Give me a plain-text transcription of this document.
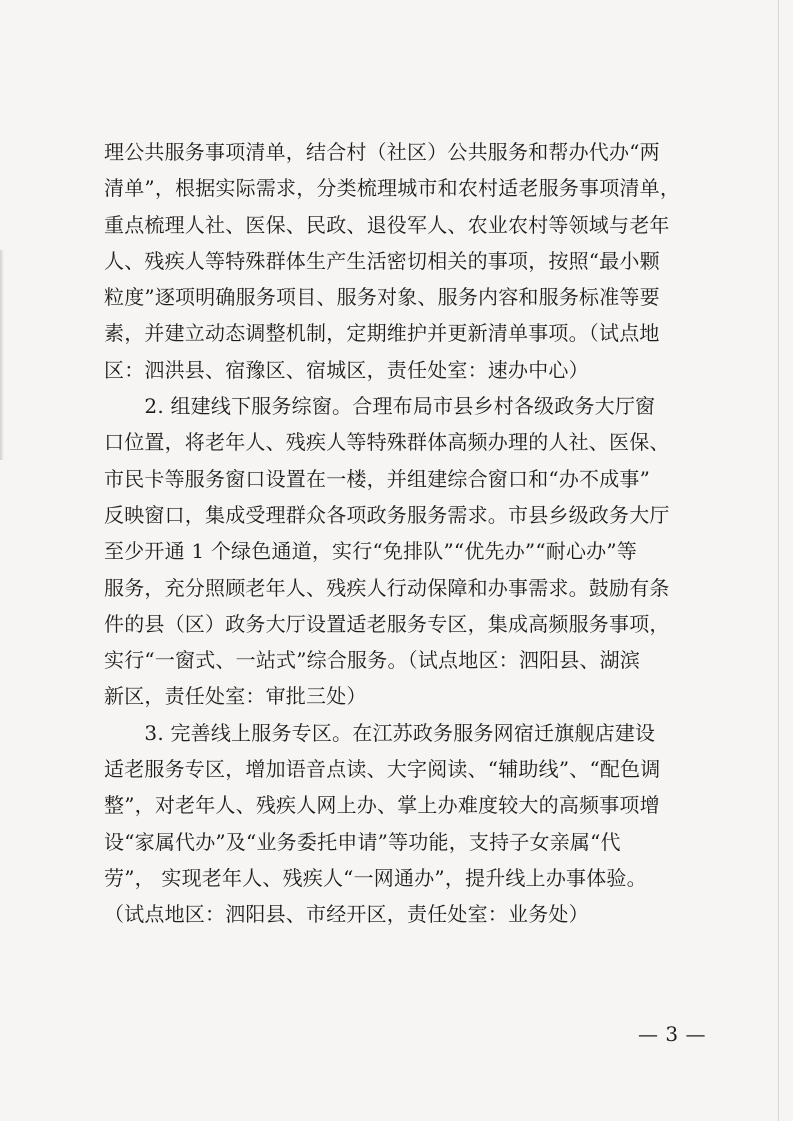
理公共服务事项清单，结合村（社区）公共服务和帮办代办“两
清单”，根据实际需求，分类梳理城市和农村适老服务事项清单，
重点梳理人社、医保、民政、退役军人、农业农村等领域与老年
人、残疾人等特殊群体生产生活密切相关的事项，按照“最小颗
粒度”逐项明确服务项目、服务对象、服务内容和服务标准等要
素，并建立动态调整机制，定期维护并更新清单事项。（试点地
区：泗洪县、宿豫区、宿城区，责任处室：速办中心）
　　2. 组建线下服务综窗。合理布局市县乡村各级政务大厅窗
口位置，将老年人、残疾人等特殊群体高频办理的人社、医保、
市民卡等服务窗口设置在一楼，并组建综合窗口和“办不成事”
反映窗口，集成受理群众各项政务服务需求。市县乡级政务大厅
至少开通 1 个绿色通道，实行“免排队”“优先办”“耐心办”等
服务，充分照顾老年人、残疾人行动保障和办事需求。鼓励有条
件的县（区）政务大厅设置适老服务专区，集成高频服务事项，
实行“一窗式、一站式”综合服务。（试点地区：泗阳县、湖滨
新区，责任处室：审批三处）
　　3. 完善线上服务专区。在江苏政务服务网宿迁旗舰店建设
适老服务专区，增加语音点读、大字阅读、“辅助线”、“配色调
整”，对老年人、残疾人网上办、掌上办难度较大的高频事项增
设“家属代办”及“业务委托申请”等功能，支持子女亲属“代
劳”， 实现老年人、残疾人“一网通办”，提升线上办事体验。
（试点地区：泗阳县、市经开区，责任处室：业务处）
— 3 —
